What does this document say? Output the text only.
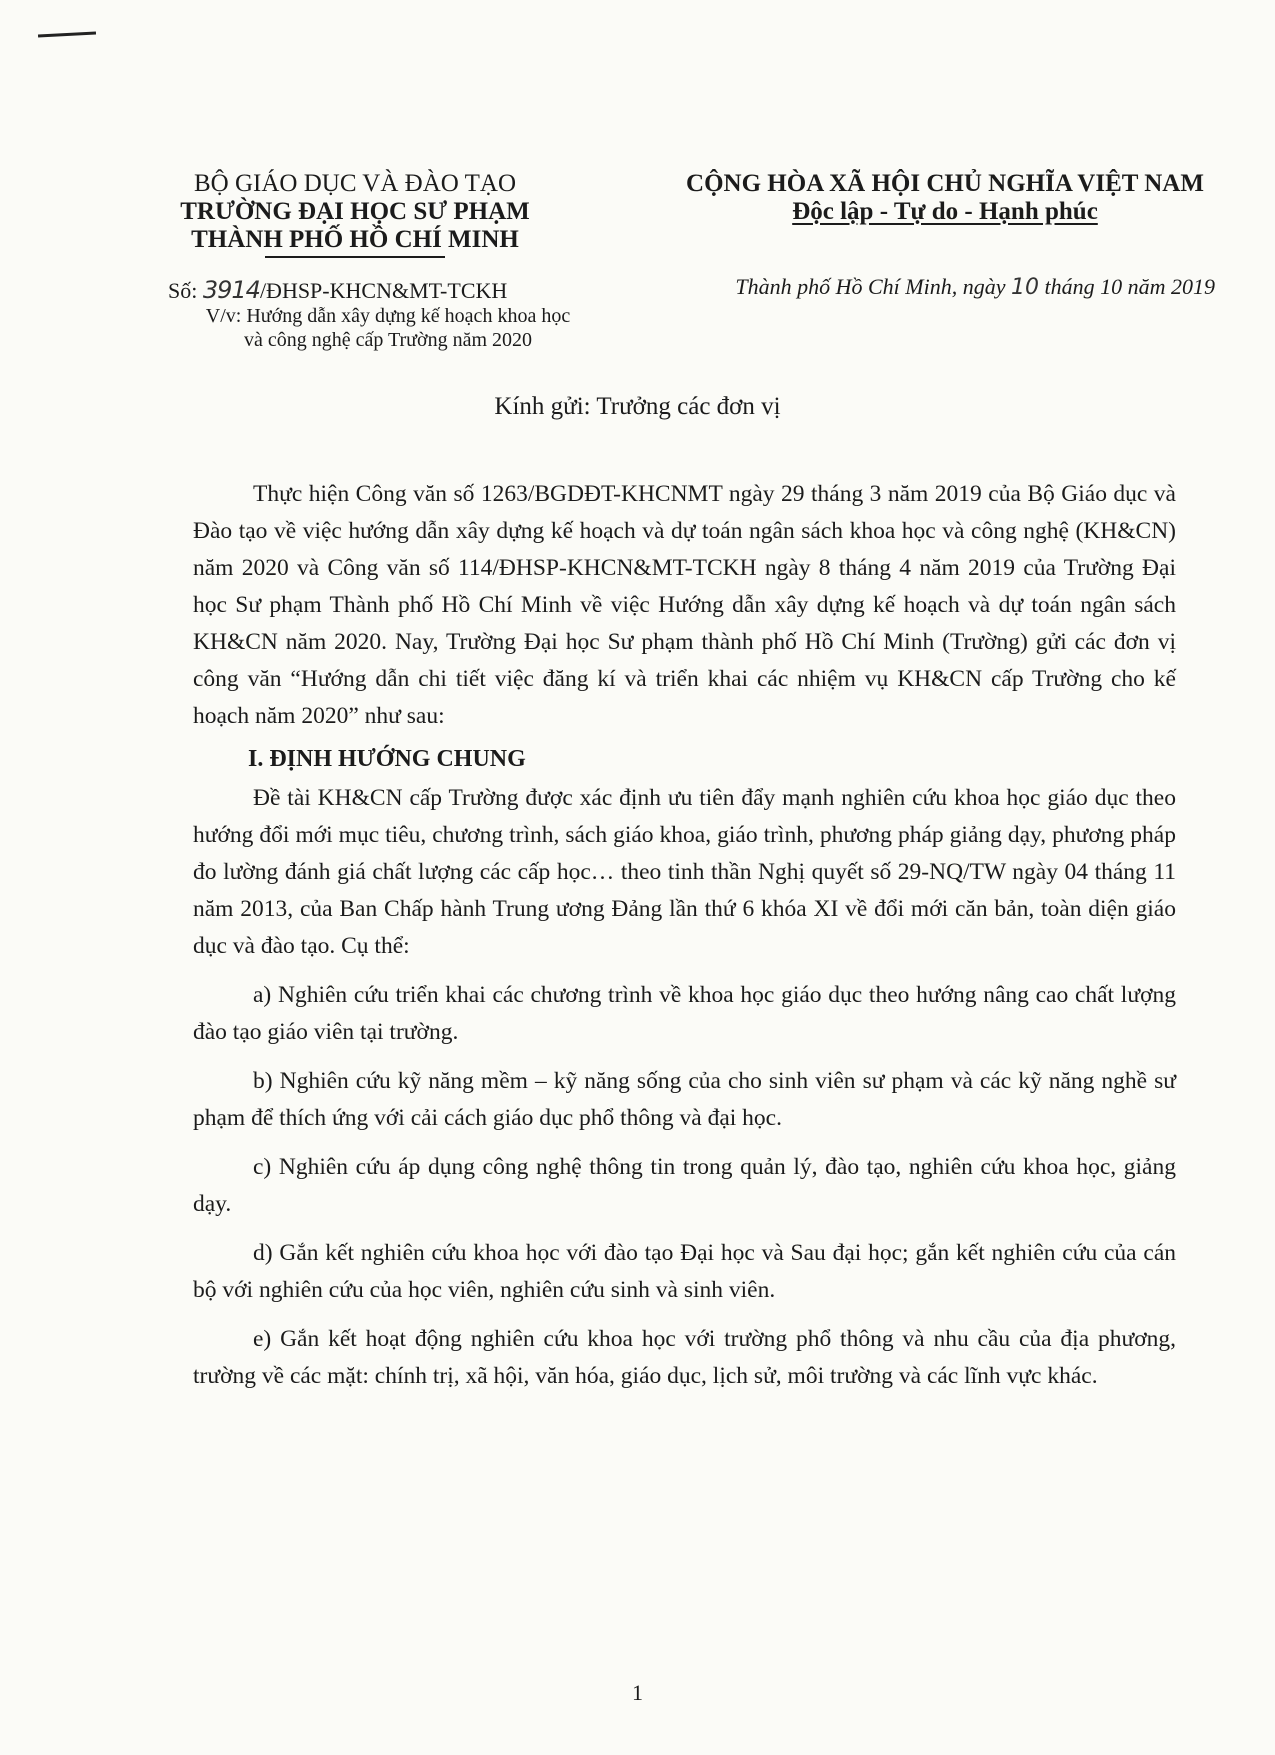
BỘ GIÁO DỤC VÀ ĐÀO TẠO
TRƯỜNG ĐẠI HỌC SƯ PHẠM
THÀNH PHỐ HỒ CHÍ MINH
CỘNG HÒA XÃ HỘI CHỦ NGHĨA VIỆT NAM
Độc lập - Tự do - Hạnh phúc
Số: 3914/ĐHSP-KHCN&MT-TCKH
V/v: Hướng dẫn xây dựng kế hoạch khoa học
và công nghệ cấp Trường năm 2020
Thành phố Hồ Chí Minh, ngày 10 tháng 10 năm 2019
Kính gửi: Trưởng các đơn vị

Thực hiện Công văn số 1263/BGDĐT-KHCNMT ngày 29 tháng 3 năm 2019 của Bộ Giáo dục và Đào tạo về việc hướng dẫn xây dựng kế hoạch và dự toán ngân sách khoa học và công nghệ (KH&CN) năm 2020 và Công văn số 114/ĐHSP-KHCN&MT-TCKH ngày 8 tháng 4 năm 2019 của Trường Đại học Sư phạm Thành phố Hồ Chí Minh về việc Hướng dẫn xây dựng kế hoạch và dự toán ngân sách KH&CN năm 2020. Nay, Trường Đại học Sư phạm thành phố Hồ Chí Minh (Trường) gửi các đơn vị công văn “Hướng dẫn chi tiết việc đăng kí và triển khai các nhiệm vụ KH&CN cấp Trường cho kế hoạch năm 2020” như sau:

I. ĐỊNH HƯỚNG CHUNG

Đề tài KH&CN cấp Trường được xác định ưu tiên đẩy mạnh nghiên cứu khoa học giáo dục theo hướng đổi mới mục tiêu, chương trình, sách giáo khoa, giáo trình, phương pháp giảng dạy, phương pháp đo lường đánh giá chất lượng các cấp học… theo tinh thần Nghị quyết số 29-NQ/TW ngày 04 tháng 11 năm 2013, của Ban Chấp hành Trung ương Đảng lần thứ 6 khóa XI về đổi mới căn bản, toàn diện giáo dục và đào tạo. Cụ thể:

a) Nghiên cứu triển khai các chương trình về khoa học giáo dục theo hướng nâng cao chất lượng đào tạo giáo viên tại trường.

b) Nghiên cứu kỹ năng mềm – kỹ năng sống của cho sinh viên sư phạm và các kỹ năng nghề sư phạm để thích ứng với cải cách giáo dục phổ thông và đại học.

c) Nghiên cứu áp dụng công nghệ thông tin trong quản lý, đào tạo, nghiên cứu khoa học, giảng dạy.

d) Gắn kết nghiên cứu khoa học với đào tạo Đại học và Sau đại học; gắn kết nghiên cứu của cán bộ với nghiên cứu của học viên, nghiên cứu sinh và sinh viên.

e) Gắn kết hoạt động nghiên cứu khoa học với trường phổ thông và nhu cầu của địa phương, trường về các mặt: chính trị, xã hội, văn hóa, giáo dục, lịch sử, môi trường và các lĩnh vực khác.

1
